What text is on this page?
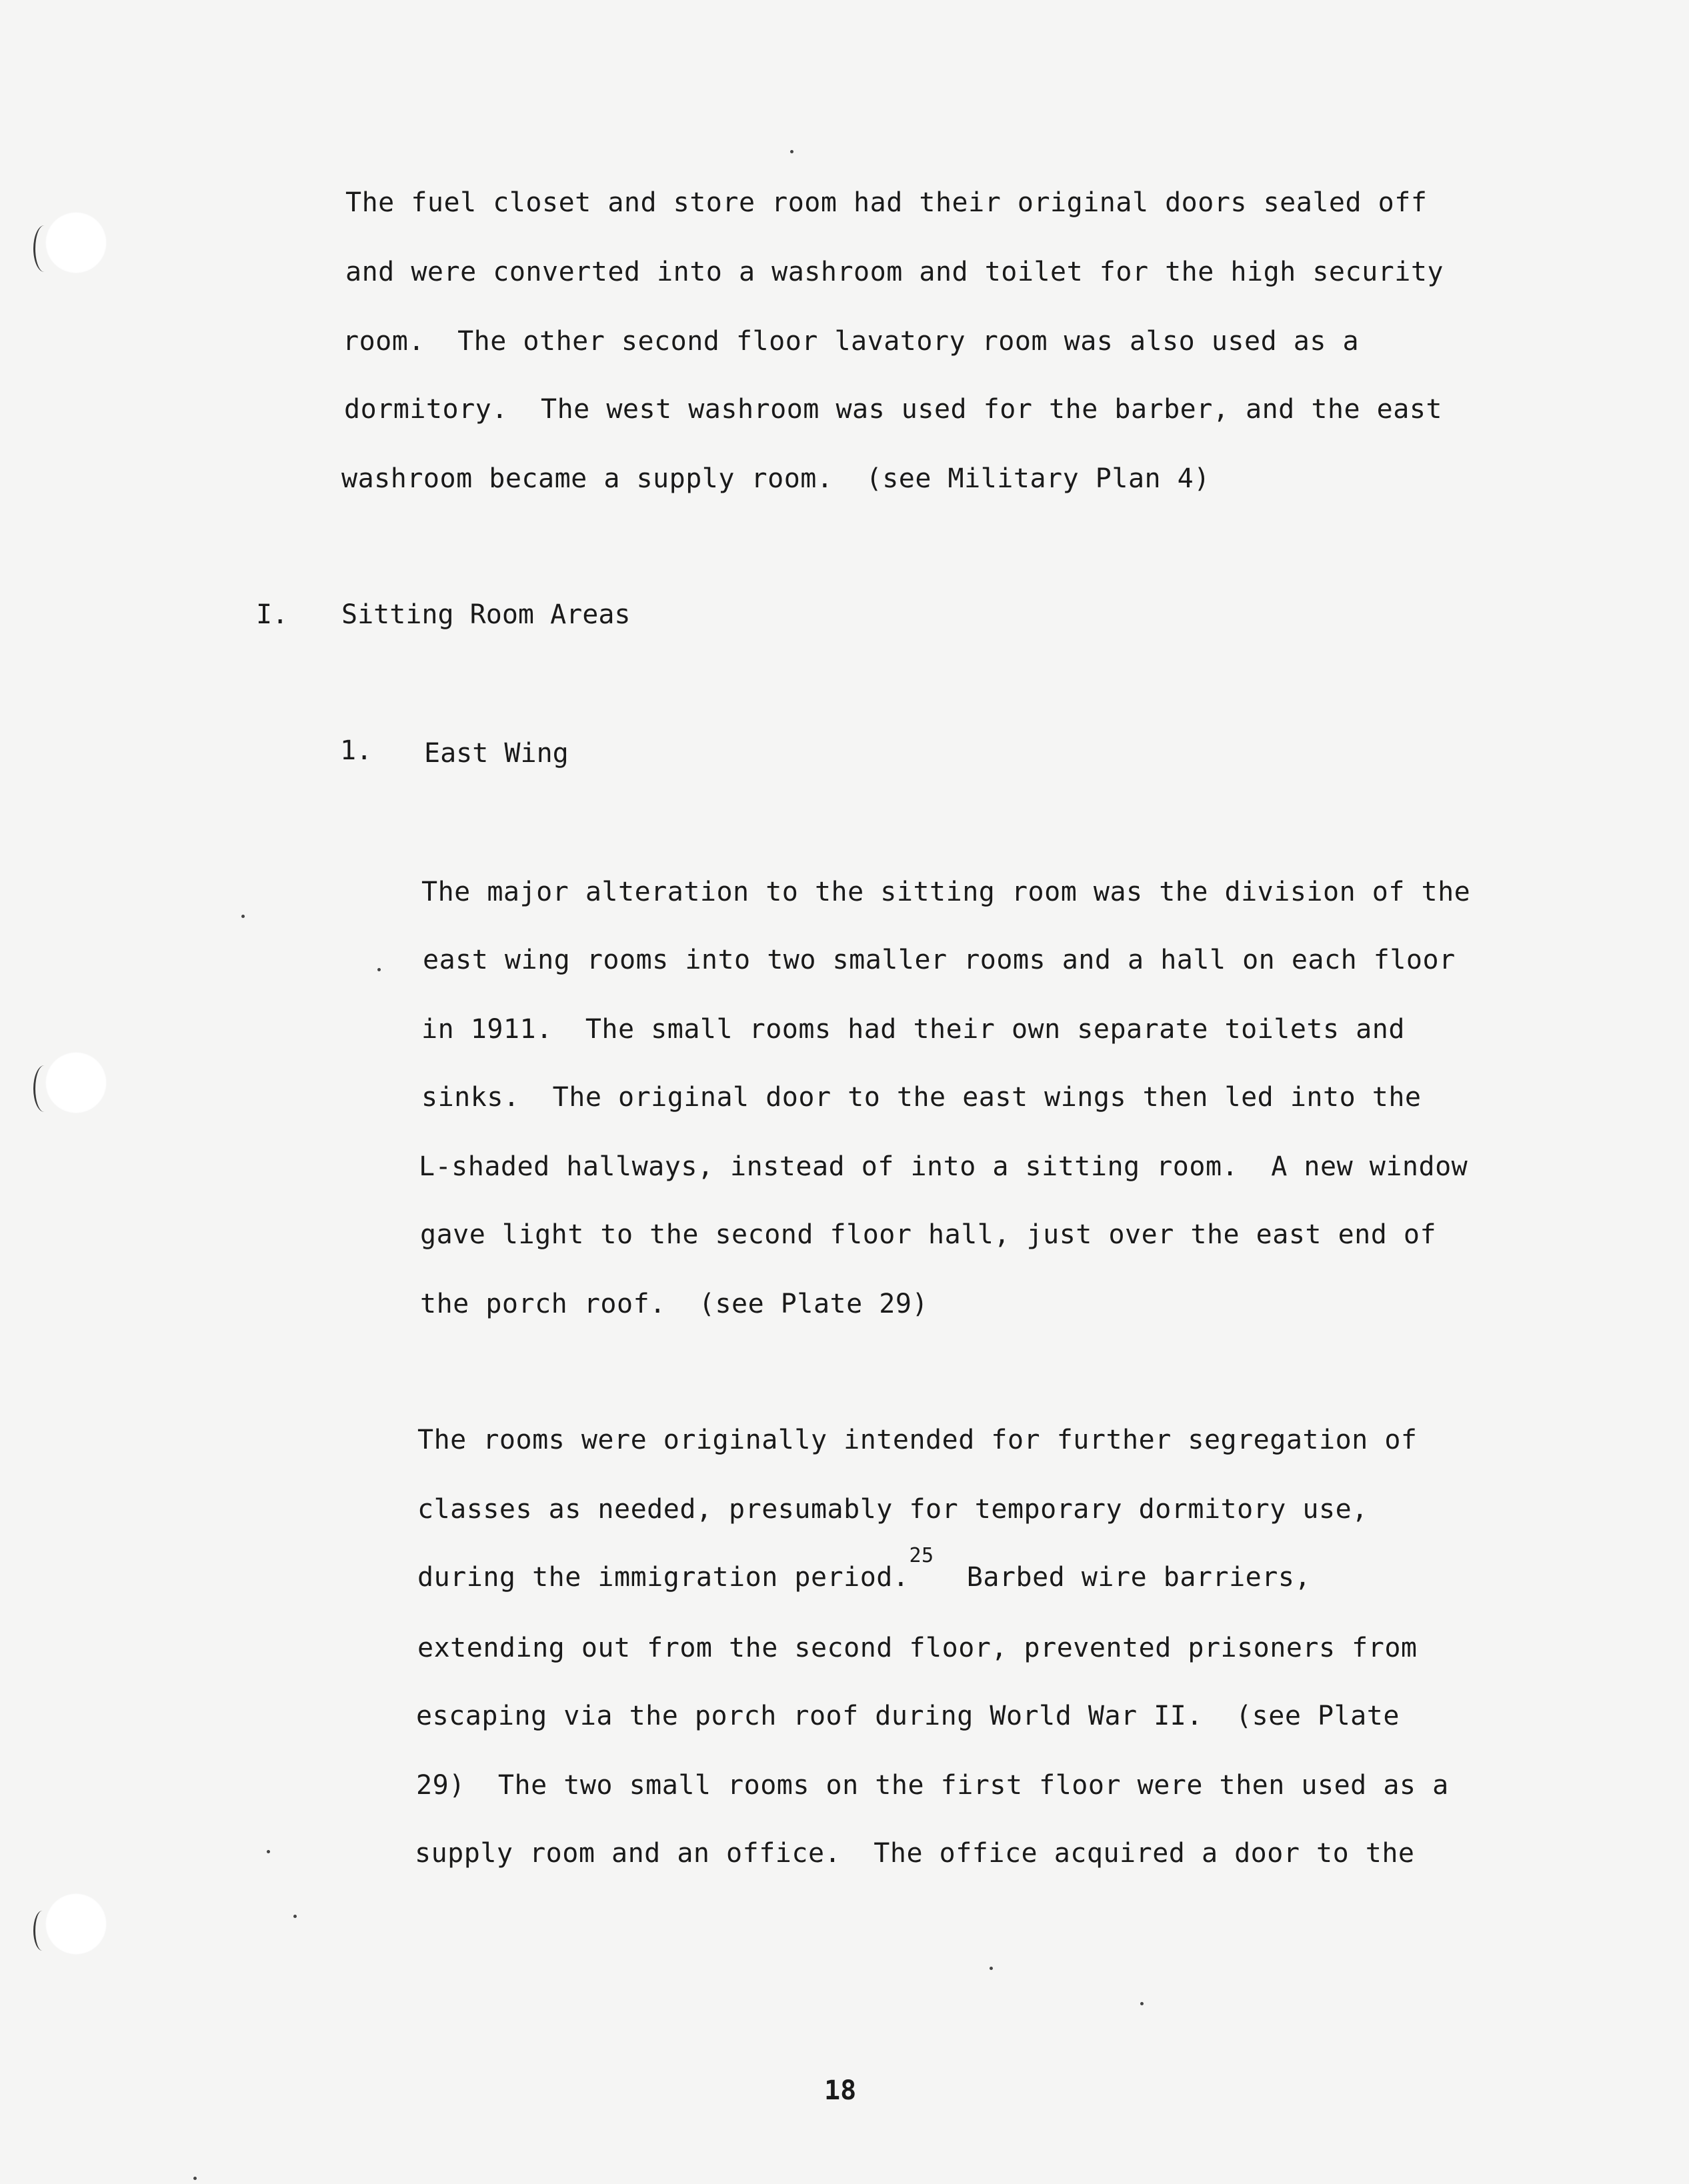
The fuel closet and store room had their original doors sealed off
and were converted into a washroom and toilet for the high security
room.  The other second floor lavatory room was also used as a
dormitory.  The west washroom was used for the barber, and the east
washroom became a supply room.  (see Military Plan 4)
I. Sitting Room Areas
1. East Wing
The major alteration to the sitting room was the division of the
east wing rooms into two smaller rooms and a hall on each floor
in 1911.  The small rooms had their own separate toilets and
sinks.  The original door to the east wings then led into the
L-shaded hallways, instead of into a sitting room.  A new window
gave light to the second floor hall, just over the east end of
the porch roof.  (see Plate 29)
The rooms were originally intended for further segregation of
classes as needed, presumably for temporary dormitory use,
during the immigration period.$^{25}$  Barbed wire barriers,
extending out from the second floor, prevented prisoners from
escaping via the porch roof during World War II.  (see Plate
29)  The two small rooms on the first floor were then used as a
supply room and an office.  The office acquired a door to the
18
